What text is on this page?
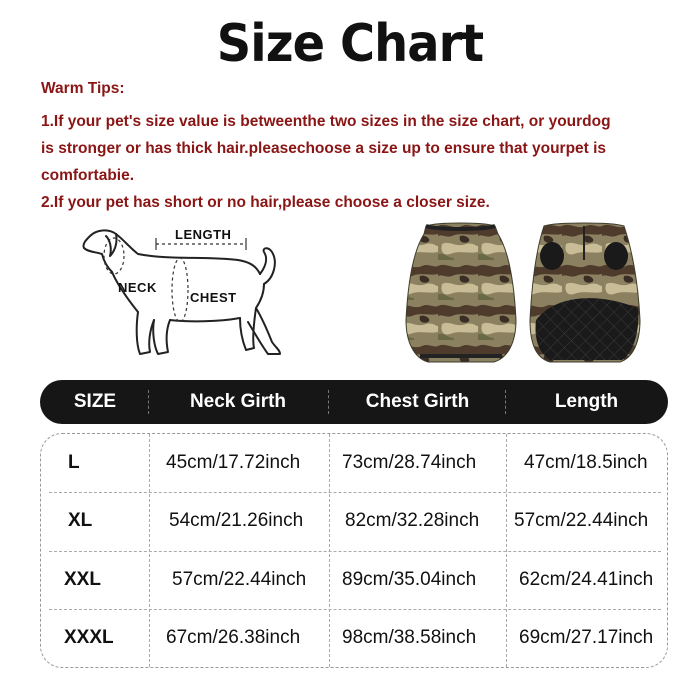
Size Chart
Warm Tips:
1.If your pet's size value is betweenthe two sizes in the size chart, or yourdog
is stronger or has thick hair.pleasechoose a size up to ensure that yourpet is
comfortabie.
2.If your pet has short or no hair,please choose a closer size.
LENGTH
NECK
CHEST
SIZE	Neck Girth	Chest Girth	Length
L	45cm/17.72inch 73cm/28.74inch	47cm/18.5inch
XL	54cm/21.26inch 82cm/32.28inch 57cm/22.44inch
XXL	57cm/22.44inch 89cm/35.04inch 62cm/24.41inch
XXXL	67cm/26.38inch 98cm/38.58inch 69cm/27.17inch
